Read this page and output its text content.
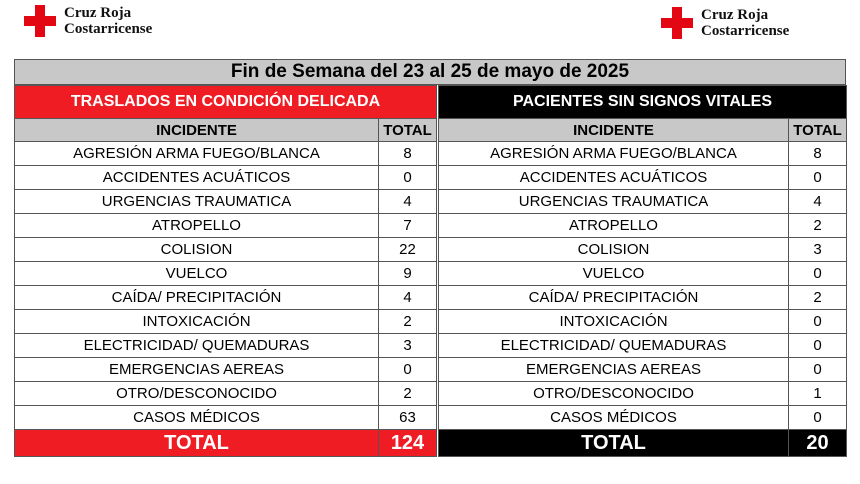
Cruz Roja
Costarricense
Cruz Roja
Costarricense
Fin de Semana del 23 al 25 de mayo de 2025
TRASLADOS EN CONDICIÓN DELICADA	
INCIDENTE	TOTAL
AGRESIÓN ARMA FUEGO/BLANCA	8
ACCIDENTES ACUÁTICOS	0
URGENCIAS TRAUMATICA	4
ATROPELLO	7
COLISION	22
VUELCO	9
CAÍDA/ PRECIPITACIÓN	4
INTOXICACIÓN	2
ELECTRICIDAD/ QUEMADURAS	3
EMERGENCIAS AEREAS	0
OTRO/DESCONOCIDO	2
CASOS MÉDICOS	63
TOTAL	124
PACIENTES SIN SIGNOS VITALES	
INCIDENTE	TOTAL
AGRESIÓN ARMA FUEGO/BLANCA	8
ACCIDENTES ACUÁTICOS	0
URGENCIAS TRAUMATICA	4
ATROPELLO	2
COLISION	3
VUELCO	0
CAÍDA/ PRECIPITACIÓN	2
INTOXICACIÓN	0
ELECTRICIDAD/ QUEMADURAS	0
EMERGENCIAS AEREAS	0
OTRO/DESCONOCIDO	1
CASOS MÉDICOS	0
TOTAL	20
